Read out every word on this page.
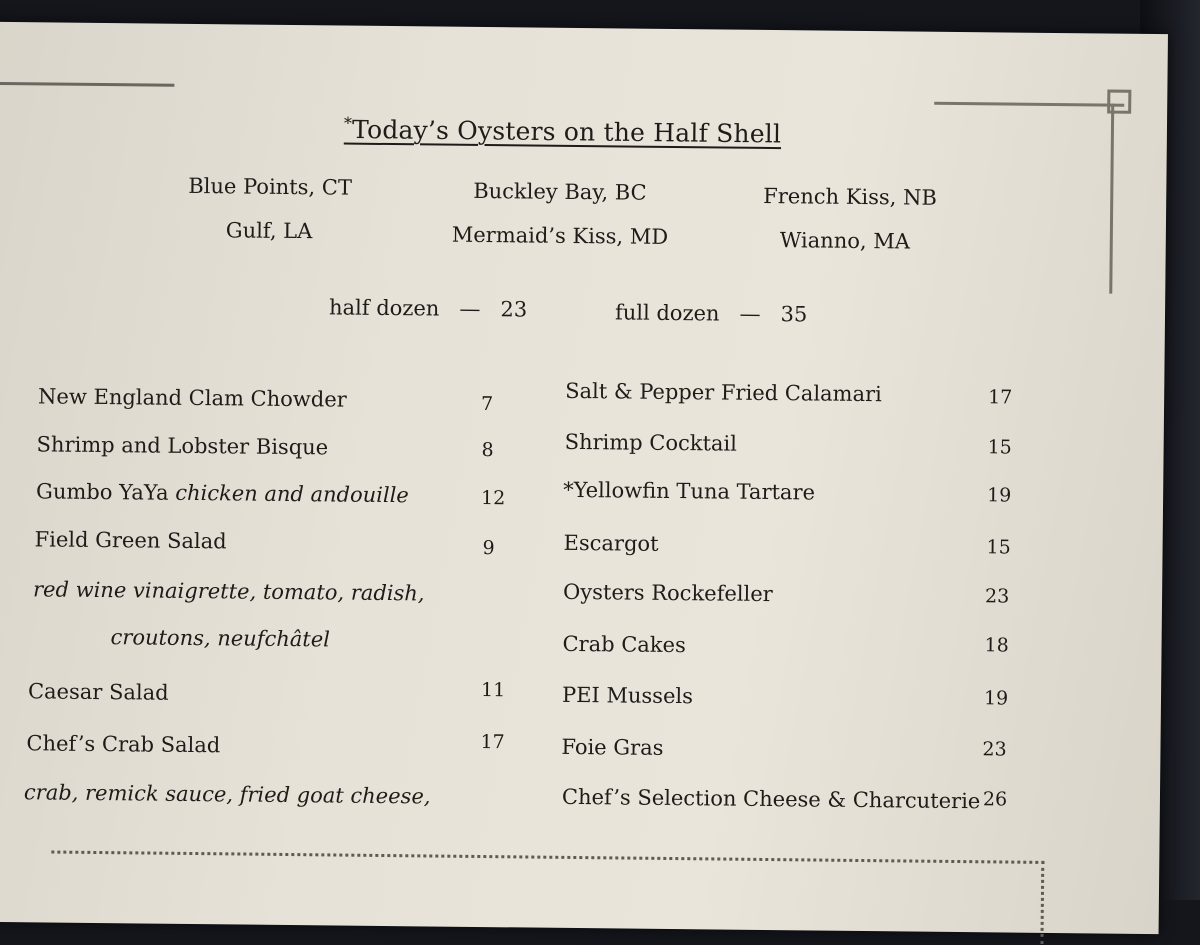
*Today’s Oysters on the Half Shell
Blue Points, CT	Buckley Bay, BC	French Kiss, NB
Gulf, LA	Mermaid’s Kiss, MD	Wianno, MA
half dozen — 23	full dozen — 35
New England Clam Chowder	7
Shrimp and Lobster Bisque	8
Gumbo YaYa chicken and andouille	12
Field Green Salad	9
red wine vinaigrette, tomato, radish,
croutons, neufchâtel
Caesar Salad	11
Chef’s Crab Salad	17
crab, remick sauce, fried goat cheese,
Salt & Pepper Fried Calamari	17
Shrimp Cocktail	15
*Yellowfin Tuna Tartare	19
Escargot	15
Oysters Rockefeller	23
Crab Cakes	18
PEI Mussels	19
Foie Gras	23
Chef’s Selection Cheese & Charcuterie 26
